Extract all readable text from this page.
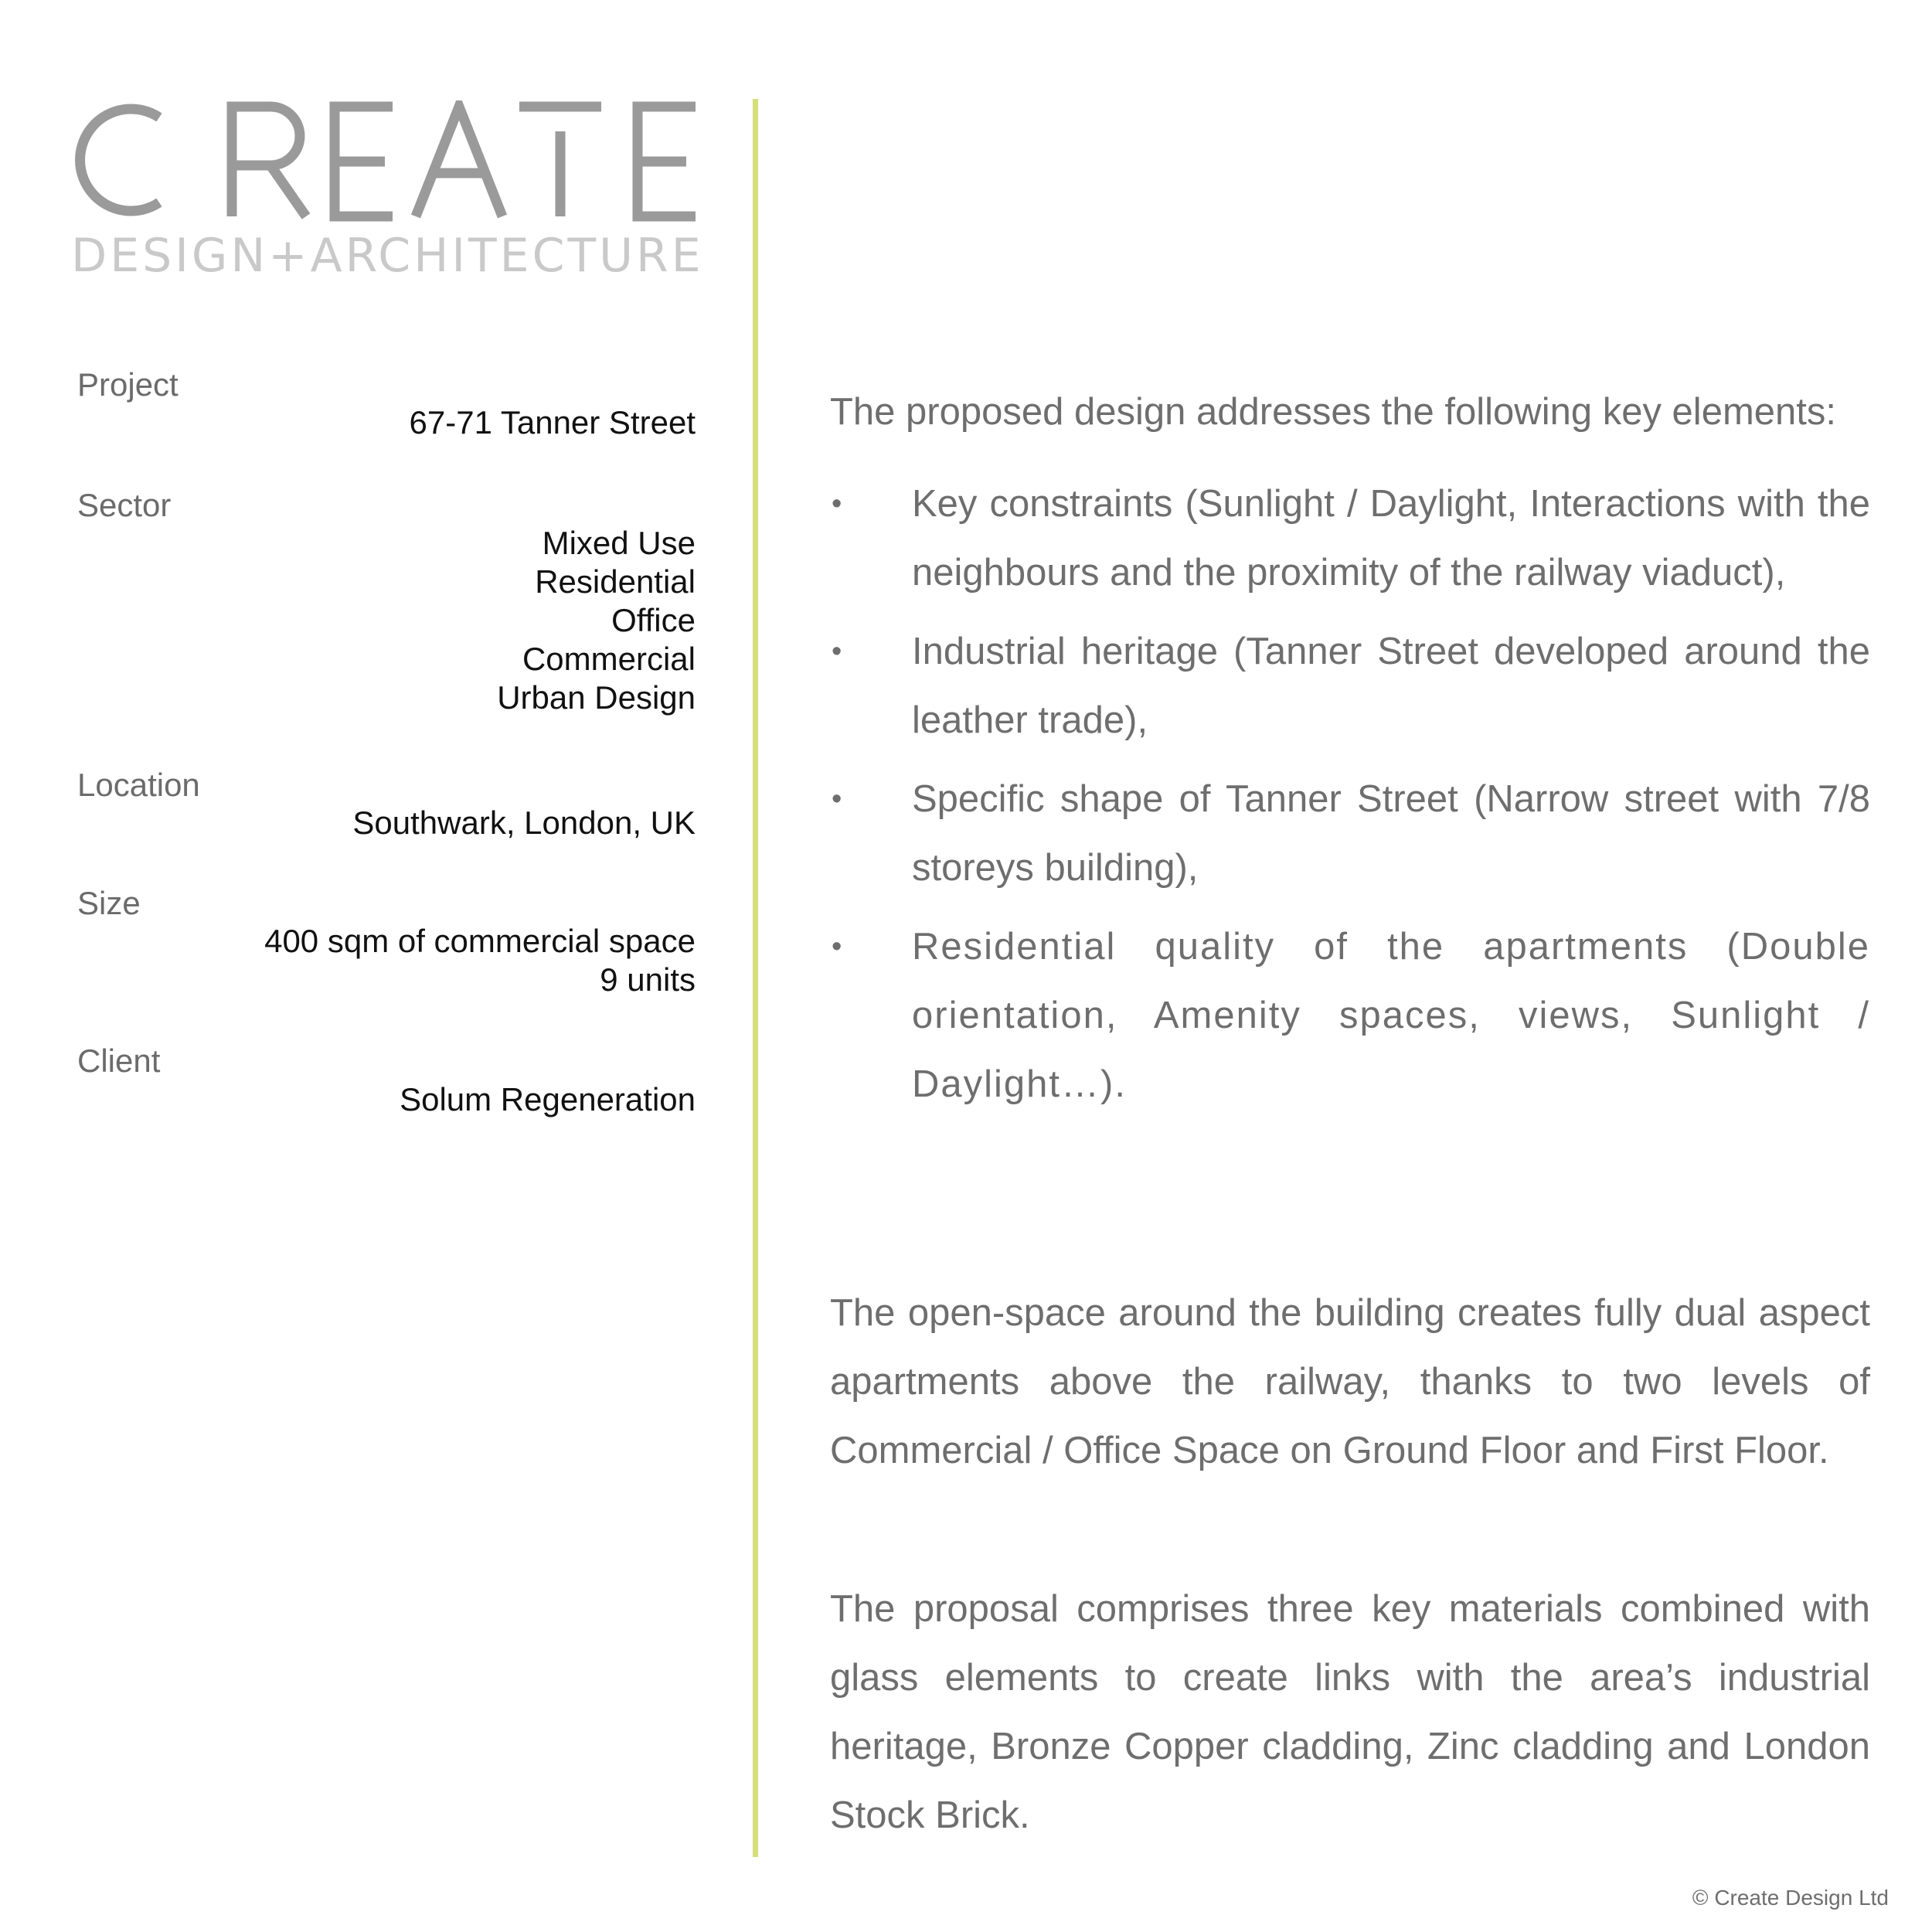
DESIGN + ARCHITECTURE
Project
67-71 Tanner Street
Sector
Mixed Use
Residential
Office
Commercial
Urban Design
Location
Southwark, London, UK
Size
400 sqm of commercial space
9 units
Client
Solum Regeneration
The proposed design addresses the following key elements:
• Key constraints (Sunlight / Daylight, Interactions with the neighbours and the proximity of the railway viaduct),
• Industrial heritage (Tanner Street developed around the leather trade),
• Specific shape of Tanner Street (Narrow street with 7/8 storeys building),
• Residential quality of the apartments (Double orientation, Amenity spaces, views, Sunlight / Daylight…).

The open-space around the building creates fully dual aspect apartments above the railway, thanks to two levels of Commercial / Office Space on Ground Floor and First Floor.

The proposal comprises three key materials combined with glass elements to create links with the area’s industrial heritage, Bronze Copper cladding, Zinc cladding and London Stock Brick.

© Create Design Ltd
